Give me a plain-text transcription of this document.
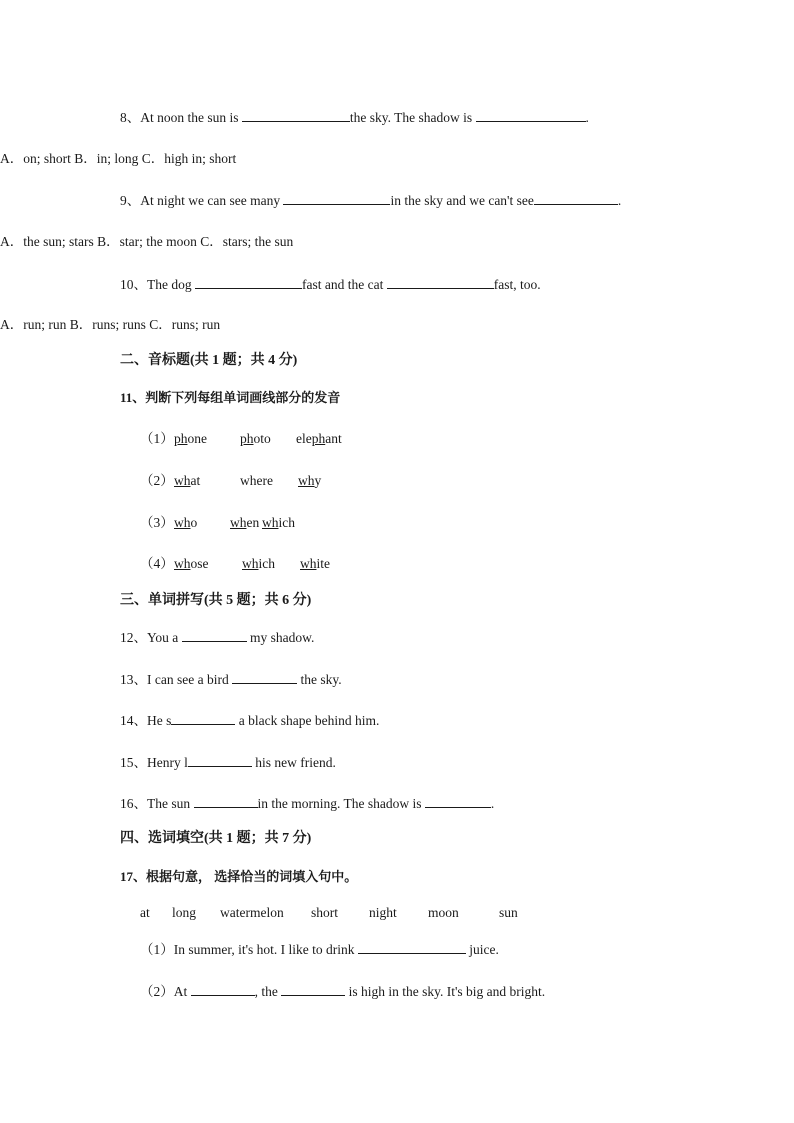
8、At noon the sun is	the sky. The shadow is	.
A．on; short B．in; long C．high in; short
9、At night we can see many	in the sky and we can't see	.
A．the sun; stars B．star; the moon C．stars; the sun
10、The dog	fast and the cat	fast, too.
A．run; run B．runs; runs C．runs; run
二、音标题(共 1 题；共 4 分)
11、判断下列每组单词画线部分的发音
（1） phone photo elephant
（2） what	where why
（3） who when which
（4） whose which white
三、单词拼写(共 5 题；共 6 分)
12、You a	my shadow.
13、I can see a bird	the sky.
14、He s	a black shape behind him.
15、Henry l	his new friend.
16、The sun	in the morning. The shadow is	.
四、选词填空(共 1 题；共 7 分)
17、根据句意， 选择恰当的词填入句中。
at long watermelon short night moon	sun
（1）In summer, it's hot. I like to drink	juice.
（2）At	, the	is high in the sky. It's big and bright.
